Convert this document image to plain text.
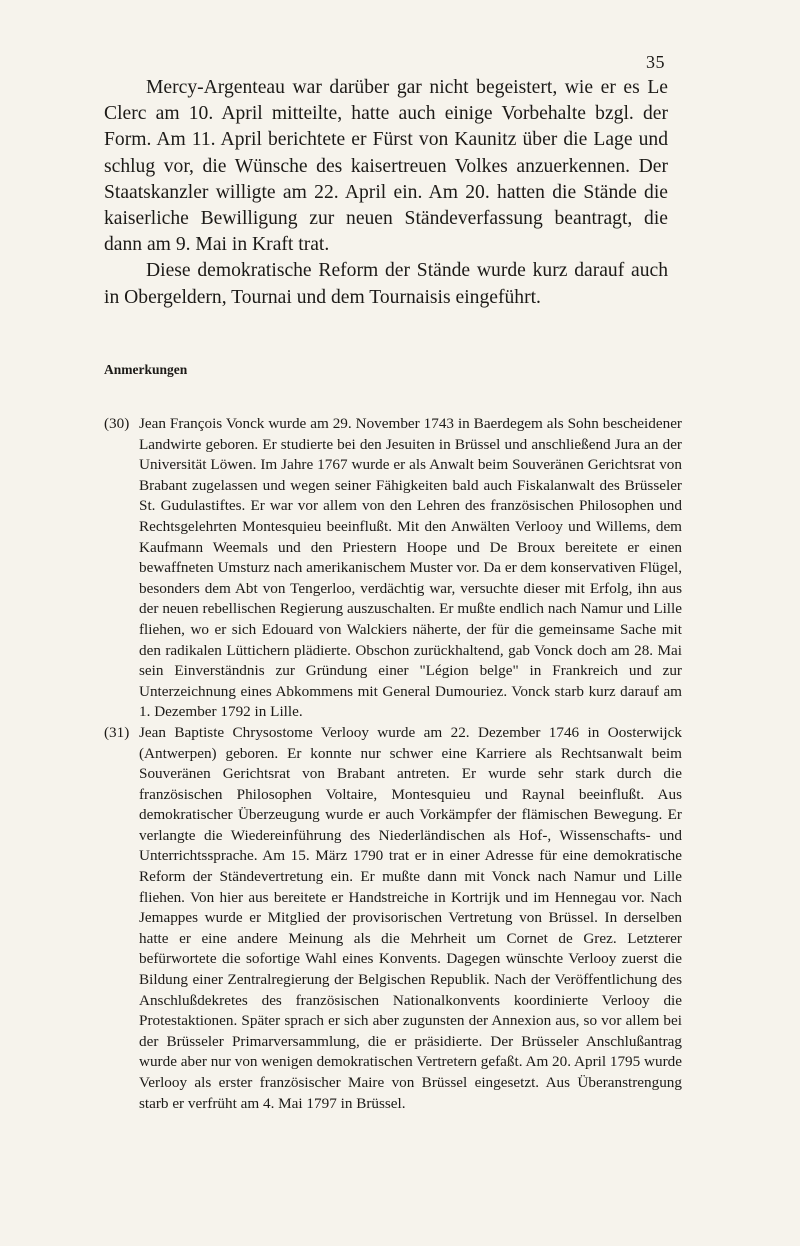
35

Mercy-Argenteau war darüber gar nicht begeistert, wie er es Le Clerc am 10. April mitteilte, hatte auch einige Vorbehalte bzgl. der Form. Am 11. April berichtete er Fürst von Kaunitz über die Lage und schlug vor, die Wünsche des kaisertreuen Volkes anzuerkennen. Der Staatskanzler willigte am 22. April ein. Am 20. hatten die Stände die kaiserliche Bewilligung zur neuen Ständeverfassung beantragt, die dann am 9. Mai in Kraft trat.

Diese demokratische Reform der Stände wurde kurz darauf auch in Obergeldern, Tournai und dem Tournaisis eingeführt.

Anmerkungen
(30) Jean François Vonck wurde am 29. November 1743 in Baerdegem als Sohn bescheidener Landwirte geboren. Er studierte bei den Jesuiten in Brüssel und anschließend Jura an der Universität Löwen. Im Jahre 1767 wurde er als Anwalt beim Souveränen Gerichtsrat von Brabant zugelassen und wegen seiner Fähigkeiten bald auch Fiskalanwalt des Brüsseler St. Gudulastiftes. Er war vor allem von den Lehren des französischen Philosophen und Rechtsgelehrten Montesquieu beeinflußt. Mit den Anwälten Verlooy und Willems, dem Kaufmann Weemals und den Priestern Hoope und De Broux bereitete er einen bewaffneten Umsturz nach amerikanischem Muster vor. Da er dem konservativen Flügel, besonders dem Abt von Tengerloo, verdächtig war, versuchte dieser mit Erfolg, ihn aus der neuen rebellischen Regierung auszuschalten. Er mußte endlich nach Namur und Lille fliehen, wo er sich Edouard von Walckiers näherte, der für die gemeinsame Sache mit den radikalen Lüttichern plädierte. Obschon zurückhaltend, gab Vonck doch am 28. Mai sein Einverständnis zur Gründung einer "Légion belge" in Frankreich und zur Unterzeichnung eines Abkommens mit General Dumouriez. Vonck starb kurz darauf am 1. Dezember 1792 in Lille.
(31) Jean Baptiste Chrysostome Verlooy wurde am 22. Dezember 1746 in Oosterwijck (Antwerpen) geboren. Er konnte nur schwer eine Karriere als Rechtsanwalt beim Souveränen Gerichtsrat von Brabant antreten. Er wurde sehr stark durch die französischen Philosophen Voltaire, Montesquieu und Raynal beeinflußt. Aus demokratischer Überzeugung wurde er auch Vorkämpfer der flämischen Bewegung. Er verlangte die Wiedereinführung des Niederländischen als Hof-, Wissenschafts- und Unterrichtssprache. Am 15. März 1790 trat er in einer Adresse für eine demokratische Reform der Ständevertretung ein. Er mußte dann mit Vonck nach Namur und Lille fliehen. Von hier aus bereitete er Handstreiche in Kortrijk und im Hennegau vor. Nach Jemappes wurde er Mitglied der provisorischen Vertretung von Brüssel. In derselben hatte er eine andere Meinung als die Mehrheit um Cornet de Grez. Letzterer befürwortete die sofortige Wahl eines Konvents. Dagegen wünschte Verlooy zuerst die Bildung einer Zentralregierung der Belgischen Republik. Nach der Veröffentlichung des Anschlußdekretes des französischen Nationalkonvents koordinierte Verlooy die Protestaktionen. Später sprach er sich aber zugunsten der Annexion aus, so vor allem bei der Brüsseler Primarversammlung, die er präsidierte. Der Brüsseler Anschlußantrag wurde aber nur von wenigen demokratischen Vertretern gefaßt. Am 20. April 1795 wurde Verlooy als erster französischer Maire von Brüssel eingesetzt. Aus Überanstrengung starb er verfrüht am 4. Mai 1797 in Brüssel.
